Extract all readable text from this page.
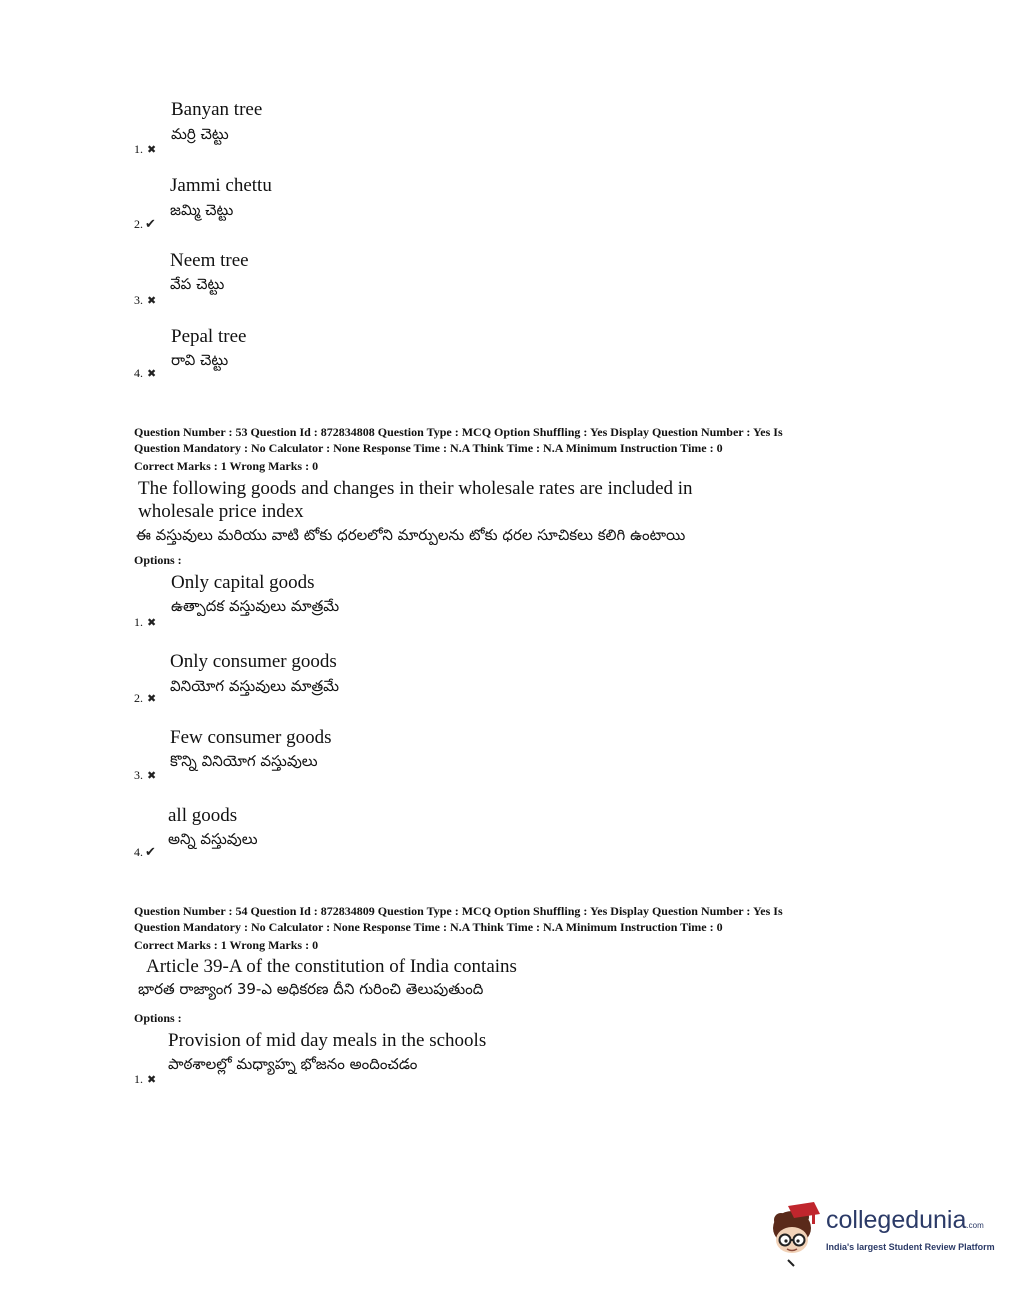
Banyan tree
మర్రి చెట్టు
1. ✖
Jammi chettu
జమ్మి చెట్టు
2. ✔
Neem tree
వేప చెట్టు
3. ✖
Pepal tree
రావి చెట్టు
4. ✖
Question Number : 53 Question Id : 872834808 Question Type : MCQ Option Shuffling : Yes Display Question Number : Yes Is
Question Mandatory : No Calculator : None Response Time : N.A Think Time : N.A Minimum Instruction Time : 0
Correct Marks : 1 Wrong Marks : 0
The following goods and changes in their wholesale rates are included in
wholesale price index
ఈ వస్తువులు మరియు వాటి టోకు ధరలలోని మార్పులను టోకు ధరల సూచికలు కలిగి ఉంటాయి
Options :
Only capital goods
ఉత్పాదక వస్తువులు మాత్రమే
1. ✖
Only consumer goods
వినియోగ వస్తువులు మాత్రమే
2. ✖
Few consumer goods
కొన్ని వినియోగ వస్తువులు
3. ✖
all goods
అన్ని వస్తువులు
4. ✔
Question Number : 54 Question Id : 872834809 Question Type : MCQ Option Shuffling : Yes Display Question Number : Yes Is
Question Mandatory : No Calculator : None Response Time : N.A Think Time : N.A Minimum Instruction Time : 0
Correct Marks : 1 Wrong Marks : 0
Article 39-A of the constitution of India contains
భారత రాజ్యాంగ 39-ఎ అధికరణ దీని గురించి తెలుపుతుంది
Options :
Provision of mid day meals in the schools
పాఠశాలల్లో మధ్యాహ్న భోజనం అందించడం
1. ✖
collegedunia.com
India's largest Student Review Platform
